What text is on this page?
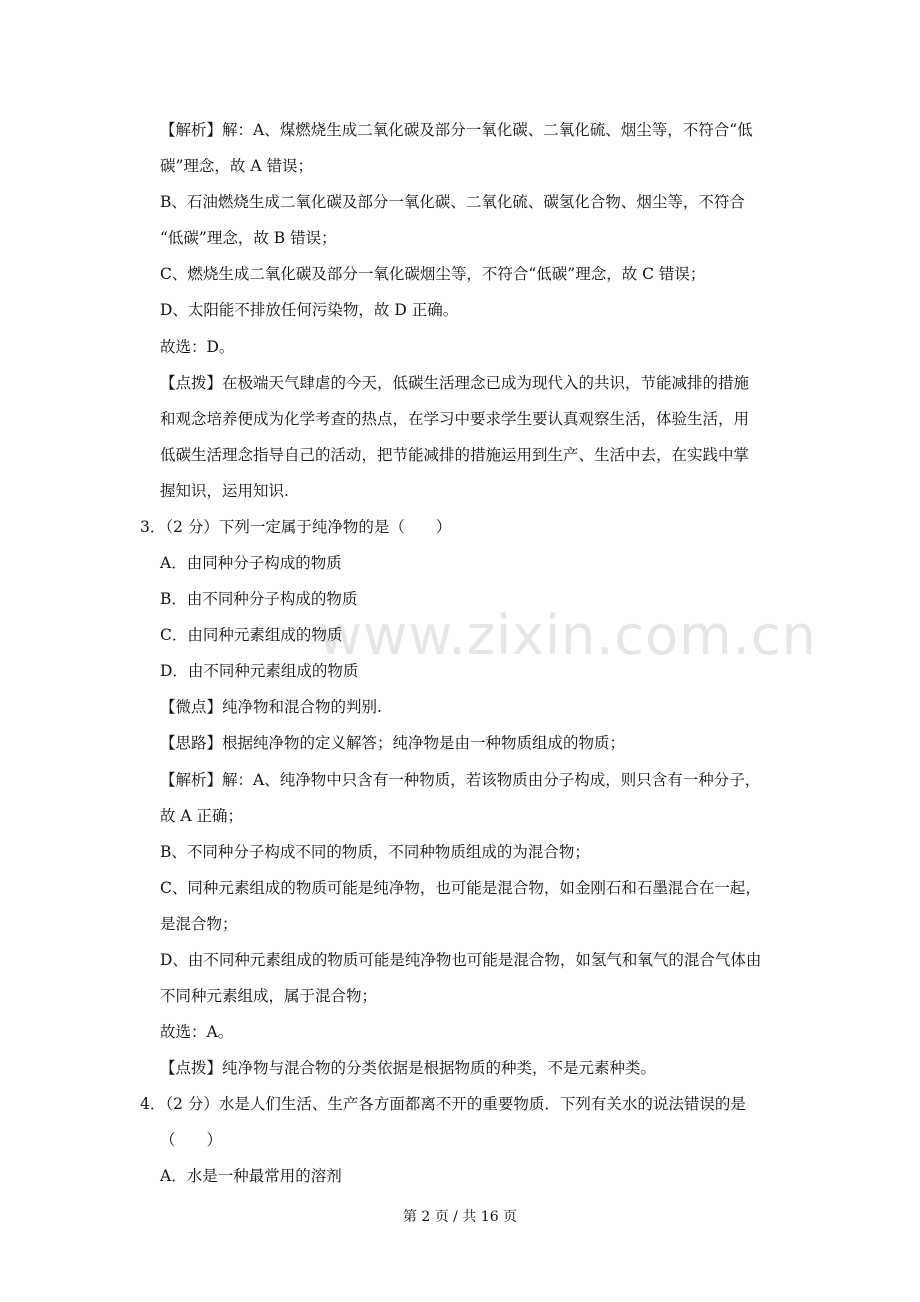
www.zixin.com.cn
【解析】解：A、煤燃烧生成二氧化碳及部分一氧化碳、二氧化硫、烟尘等，不符合“低
碳”理念，故 A 错误；
B、石油燃烧生成二氧化碳及部分一氧化碳、二氧化硫、碳氢化合物、烟尘等，不符合
“低碳”理念，故 B 错误；
C、燃烧生成二氧化碳及部分一氧化碳烟尘等，不符合“低碳”理念，故 C 错误；
D、太阳能不排放任何污染物，故 D 正确。
故选：D。
【点拨】在极端天气肆虐的今天，低碳生活理念已成为现代入的共识，节能减排的措施
和观念培养便成为化学考查的热点，在学习中要求学生要认真观察生活，体验生活，用
低碳生活理念指导自己的活动，把节能减排的措施运用到生产、生活中去，在实践中掌
握知识，运用知识.
3．（2 分）下列一定属于纯净物的是（　　）
A．由同种分子构成的物质
B．由不同种分子构成的物质
C．由同种元素组成的物质
D．由不同种元素组成的物质
【微点】纯净物和混合物的判别.
【思路】根据纯净物的定义解答；纯净物是由一种物质组成的物质；
【解析】解：A、纯净物中只含有一种物质，若该物质由分子构成，则只含有一种分子，
故 A 正确；
B、不同种分子构成不同的物质，不同种物质组成的为混合物；
C、同种元素组成的物质可能是纯净物，也可能是混合物，如金刚石和石墨混合在一起，
是混合物；
D、由不同种元素组成的物质可能是纯净物也可能是混合物，如氢气和氧气的混合气体由
不同种元素组成，属于混合物；
故选：A。
【点拨】纯净物与混合物的分类依据是根据物质的种类，不是元素种类。
4．（2 分）水是人们生活、生产各方面都离不开的重要物质．下列有关水的说法错误的是
（　　）
A．水是一种最常用的溶剂
第 2 页 / 共 16 页
